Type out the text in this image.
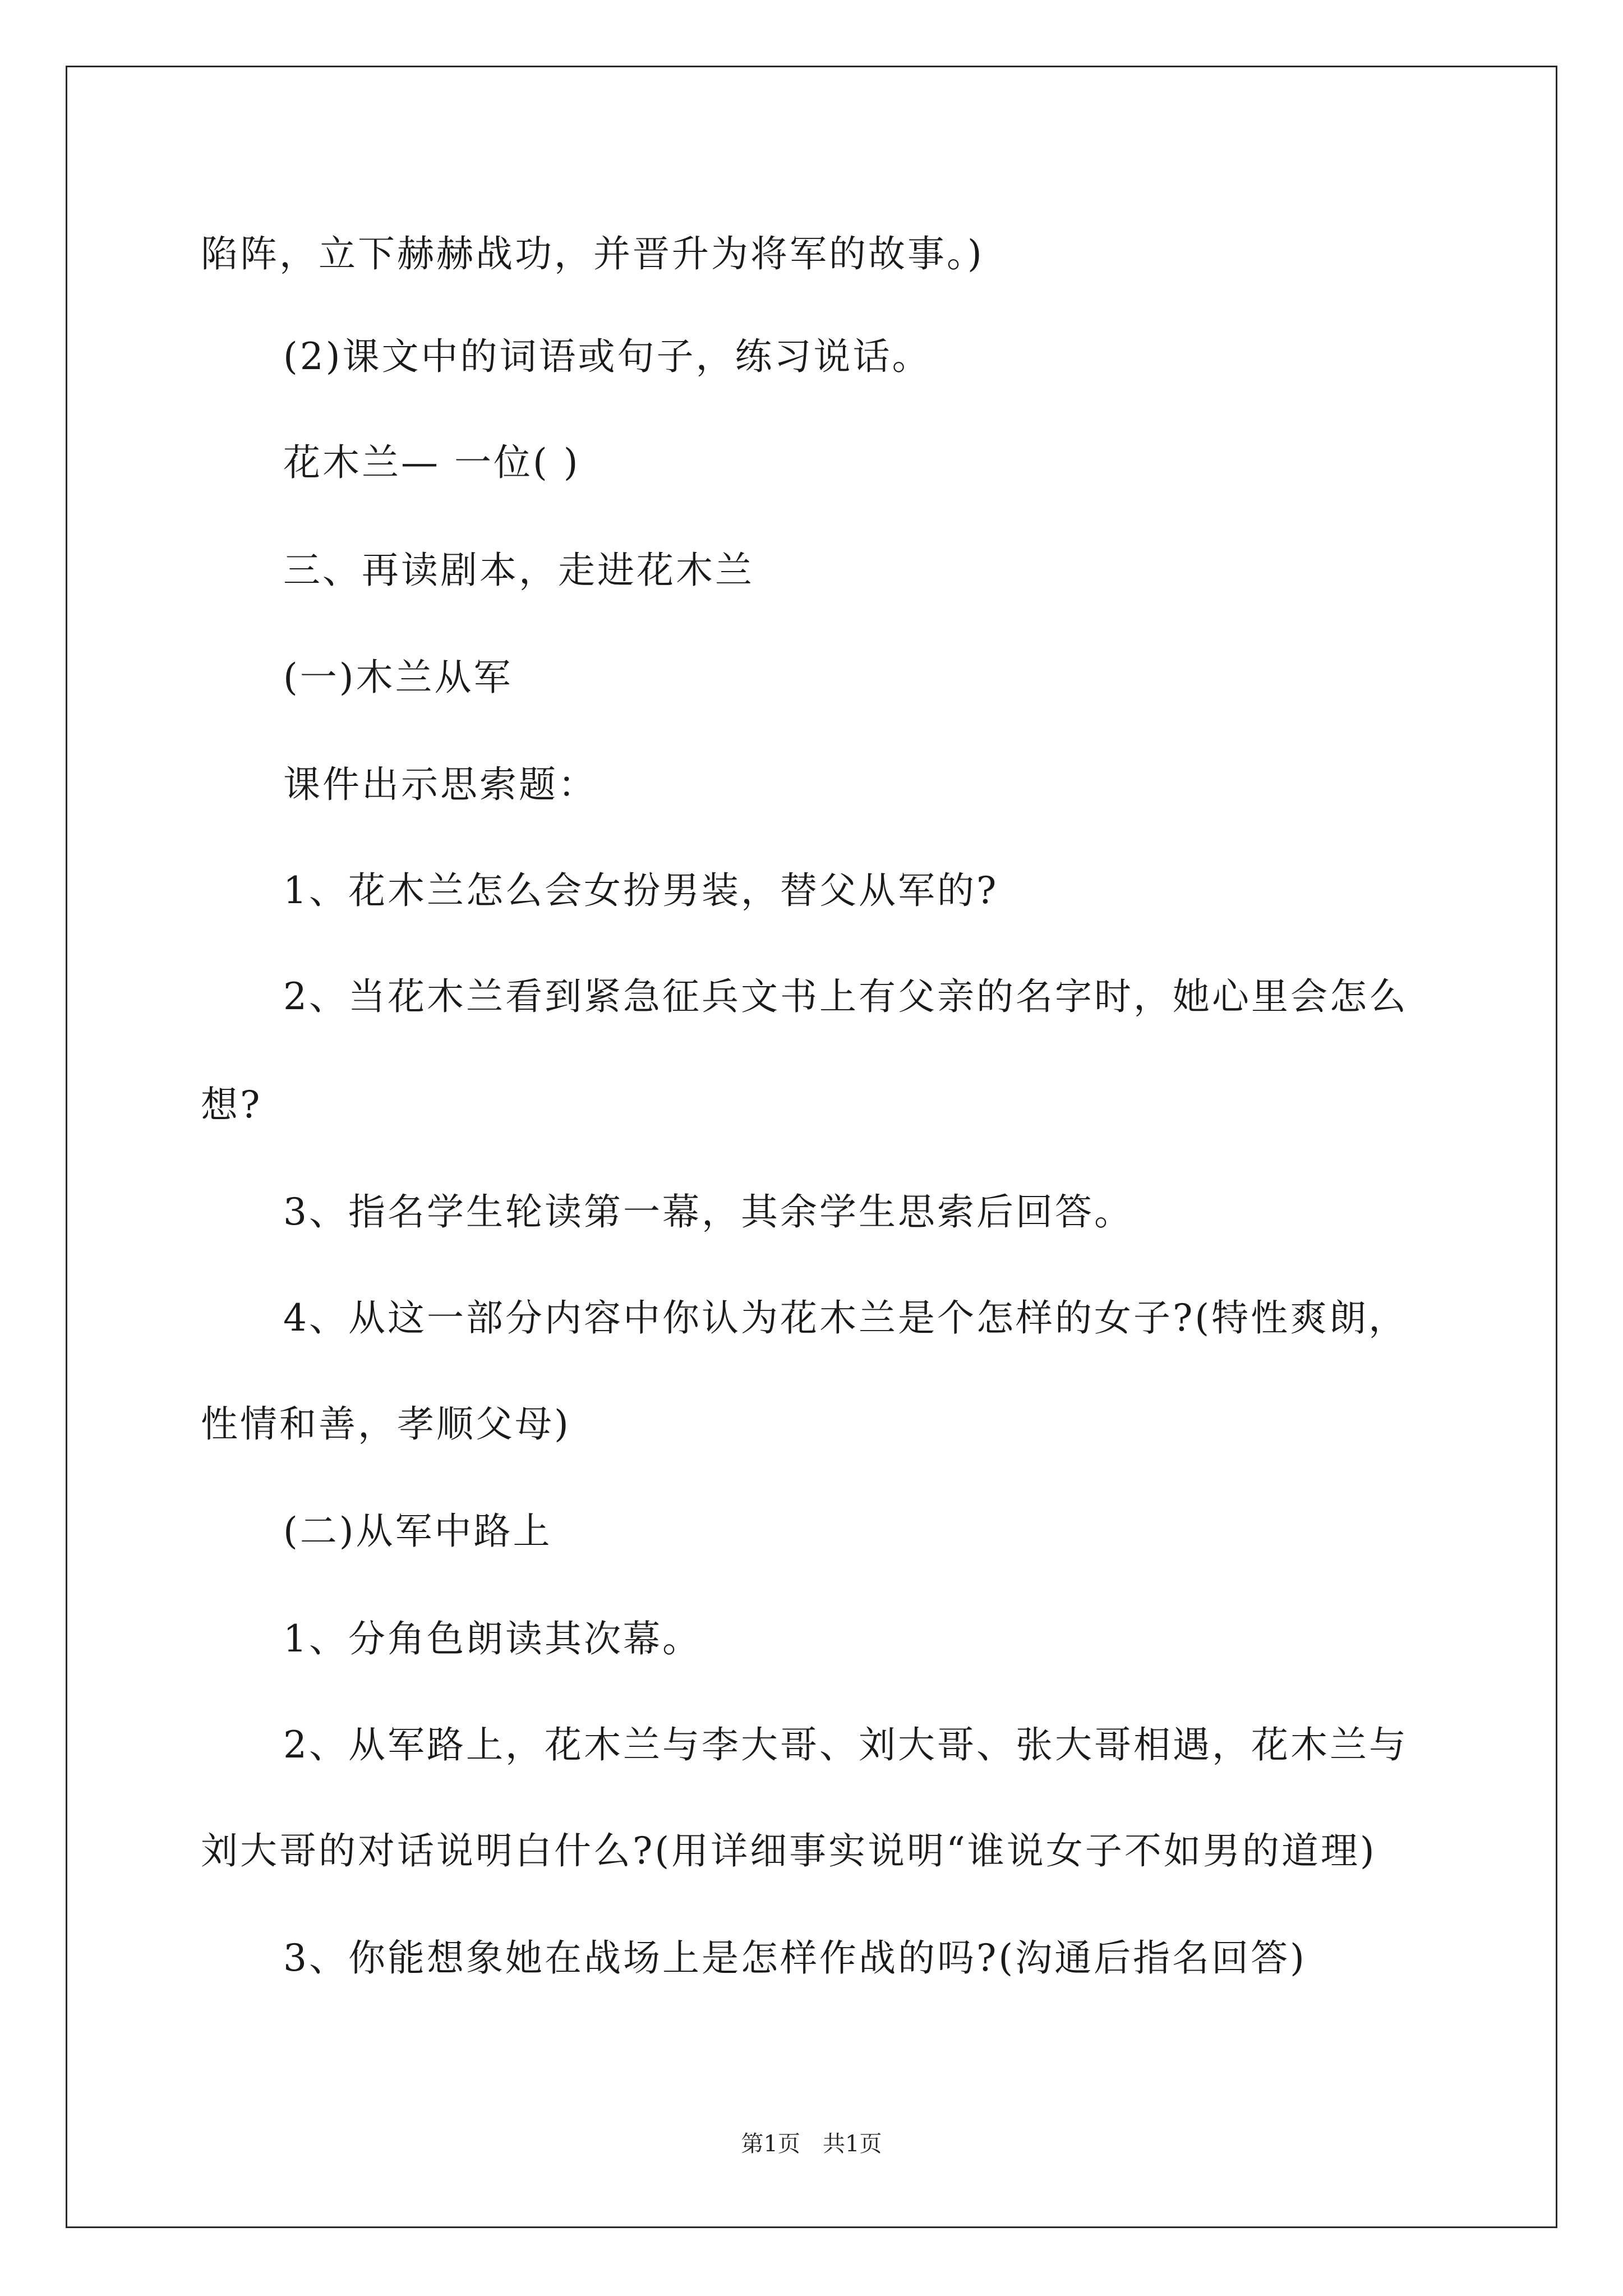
陷阵，立下赫赫战功，并晋升为将军的故事。)
(2)课文中的词语或句子，练习说话。
花木兰— 一位( )
三、再读剧本，走进花木兰
(一)木兰从军
课件出示思索题：
1、花木兰怎么会女扮男装，替父从军的?
2、当花木兰看到紧急征兵文书上有父亲的名字时，她心里会怎么
想?
3、指名学生轮读第一幕，其余学生思索后回答。
4、从这一部分内容中你认为花木兰是个怎样的女子?(特性爽朗，
性情和善，孝顺父母)
(二)从军中路上
1、分角色朗读其次幕。
2、从军路上，花木兰与李大哥、刘大哥、张大哥相遇，花木兰与
刘大哥的对话说明白什么?(用详细事实说明“谁说女子不如男的道理)
3、你能想象她在战场上是怎样作战的吗?(沟通后指名回答)
第1页　共1页
